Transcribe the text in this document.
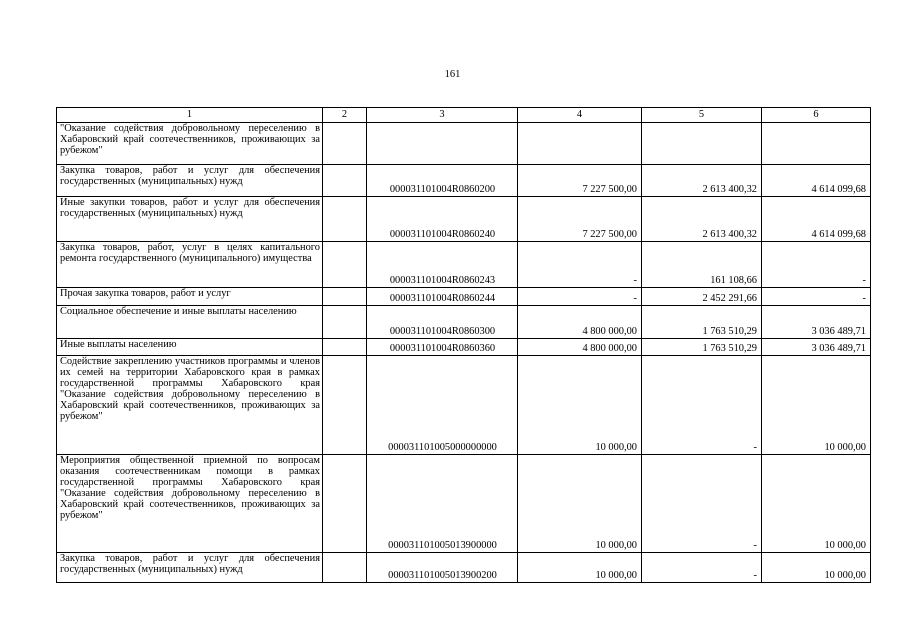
161
1	2	3	4	5	6
"Оказание содействия добровольному переселению в Хабаровский край соотечественников, проживающих за рубежом"					
Закупка товаров, работ и услуг для обеспечения государственных (муниципальных) нужд		000031101004R0860200	7 227 500,00	2 613 400,32	4 614 099,68
Иные закупки товаров, работ и услуг для обеспечения государственных (муниципальных) нужд		000031101004R0860240	7 227 500,00	2 613 400,32	4 614 099,68
Закупка товаров, работ, услуг в целях капитального ремонта государственного (муниципального) имущества		000031101004R0860243	-	161 108,66	-
Прочая закупка товаров, работ и услуг		000031101004R0860244	-	2 452 291,66	-
Социальное обеспечение и иные выплаты населению		000031101004R0860300	4 800 000,00	1 763 510,29	3 036 489,71
Иные выплаты населению		000031101004R0860360	4 800 000,00	1 763 510,29	3 036 489,71
Содействие закреплению участников программы и членов их семей на территории Хабаровского края в рамках государственной программы Хабаровского края "Оказание содействия добровольному переселению в Хабаровский край соотечественников, проживающих за рубежом"		000031101005000000000	10 000,00	-	10 000,00
Мероприятия общественной приемной по вопросам оказания соотечественникам помощи в рамках государственной программы Хабаровского края "Оказание содействия добровольному переселению в Хабаровский край соотечественников, проживающих за рубежом"		000031101005013900000	10 000,00	-	10 000,00
Закупка товаров, работ и услуг для обеспечения государственных (муниципальных) нужд		000031101005013900200	10 000,00	-	10 000,00
